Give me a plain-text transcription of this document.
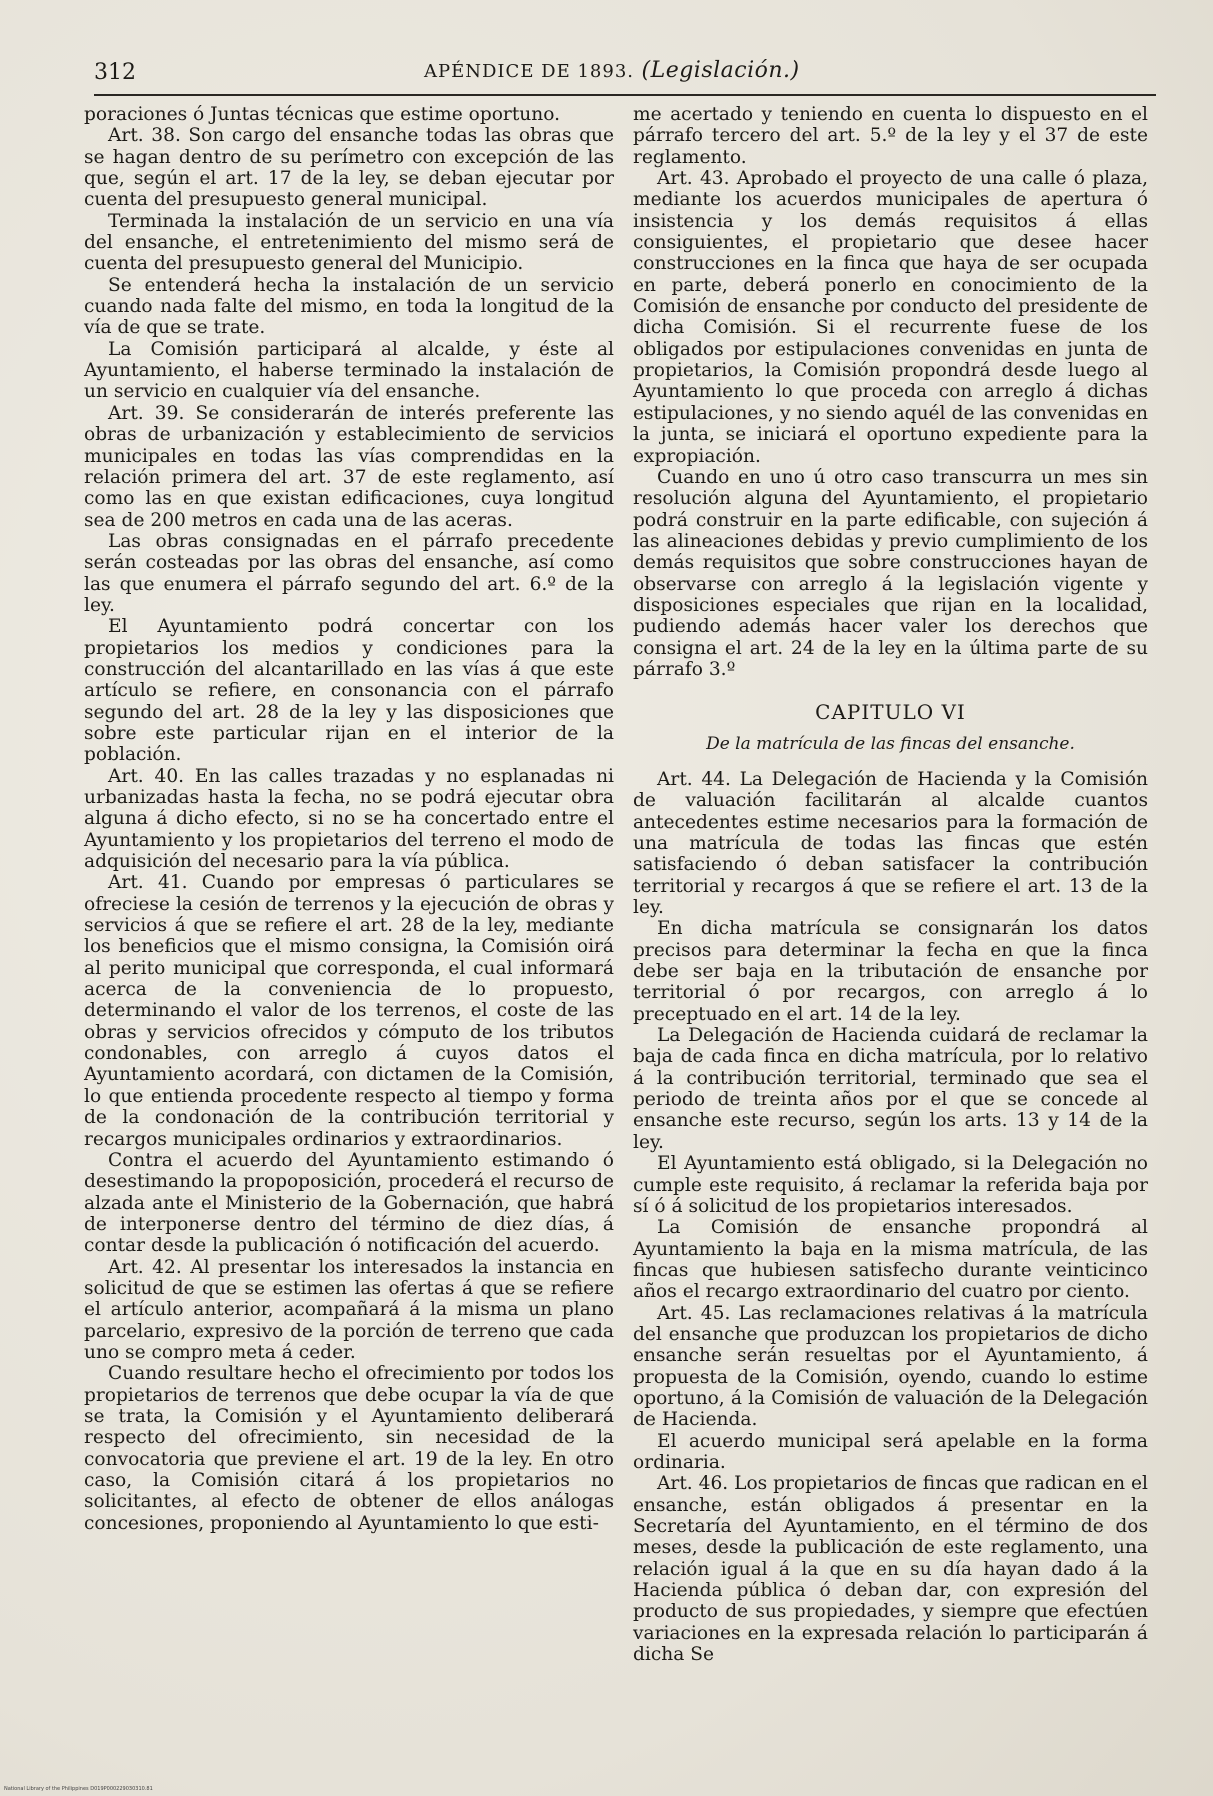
312	APÉNDICE DE 1893. (Legislación.)

poraciones ó Juntas técnicas que estime oportuno.

Art. 38. Son cargo del ensanche todas las obras que se hagan dentro de su perímetro con excepción de las que, según el art. 17 de la ley, se deban ejecutar por cuenta del presupuesto general municipal.

Terminada la instalación de un servicio en una vía del ensanche, el entretenimiento del mismo será de cuenta del presupuesto general del Municipio.

Se entenderá hecha la instalación de un servicio cuando nada falte del mismo, en toda la longitud de la vía de que se trate.

La Comisión participará al alcalde, y éste al Ayuntamiento, el haberse terminado la instalación de un servicio en cualquier vía del ensanche.

Art. 39. Se considerarán de interés preferente las obras de urbanización y establecimiento de servicios municipales en todas las vías comprendidas en la relación primera del art. 37 de este reglamento, así como las en que existan edificaciones, cuya longitud sea de 200 metros en cada una de las aceras.

Las obras consignadas en el párrafo precedente serán costeadas por las obras del ensanche, así como las que enumera el párrafo segundo del art. 6.º de la ley.

El Ayuntamiento podrá concertar con los propietarios los medios y condiciones para la construcción del alcantarillado en las vías á que este artículo se refiere, en consonancia con el párrafo segundo del art. 28 de la ley y las disposiciones que sobre este particular rijan en el interior de la población.

Art. 40. En las calles trazadas y no esplanadas ni urbanizadas hasta la fecha, no se podrá ejecutar obra alguna á dicho efecto, si no se ha concertado entre el Ayuntamiento y los propietarios del terreno el modo de adquisición del necesario para la vía pública.

Art. 41. Cuando por empresas ó particulares se ofreciese la cesión de terrenos y la ejecución de obras y servicios á que se refiere el art. 28 de la ley, mediante los beneficios que el mismo consigna, la Comisión oirá al perito municipal que corresponda, el cual informará acerca de la conveniencia de lo propuesto, determinando el valor de los terrenos, el coste de las obras y servicios ofrecidos y cómputo de los tributos condonables, con arreglo á cuyos datos el Ayuntamiento acordará, con dictamen de la Comisión, lo que entienda procedente respecto al tiempo y forma de la condonación de la contribución territorial y recargos municipales ordinarios y extraordinarios.

Contra el acuerdo del Ayuntamiento estimando ó desestimando la propoposición, procederá el recurso de alzada ante el Ministerio de la Gobernación, que habrá de interponerse dentro del término de diez días, á contar desde la publicación ó notificación del acuerdo.

Art. 42. Al presentar los interesados la instancia en solicitud de que se estimen las ofertas á que se refiere el artículo anterior, acompañará á la misma un plano parcelario, expresivo de la porción de terreno que cada uno se compro meta á ceder.

Cuando resultare hecho el ofrecimiento por todos los propietarios de terrenos que debe ocupar la vía de que se trata, la Comisión y el Ayuntamiento deliberará respecto del ofrecimiento, sin necesidad de la convocatoria que previene el art. 19 de la ley. En otro caso, la Comisión citará á los propietarios no solicitantes, al efecto de obtener de ellos análogas concesiones, proponiendo al Ayuntamiento lo que esti-

me acertado y teniendo en cuenta lo dispuesto en el párrafo tercero del art. 5.º de la ley y el 37 de este reglamento.

Art. 43. Aprobado el proyecto de una calle ó plaza, mediante los acuerdos municipales de apertura ó insistencia y los demás requisitos á ellas consiguientes, el propietario que desee hacer construcciones en la finca que haya de ser ocupada en parte, deberá ponerlo en conocimiento de la Comisión de ensanche por conducto del presidente de dicha Comisión. Si el recurrente fuese de los obligados por estipulaciones convenidas en junta de propietarios, la Comisión propondrá desde luego al Ayuntamiento lo que proceda con arreglo á dichas estipulaciones, y no siendo aquél de las convenidas en la junta, se iniciará el oportuno expediente para la expropiación.

Cuando en uno ú otro caso transcurra un mes sin resolución alguna del Ayuntamiento, el propietario podrá construir en la parte edificable, con sujeción á las alineaciones debidas y previo cumplimiento de los demás requisitos que sobre construcciones hayan de observarse con arreglo á la legislación vigente y disposiciones especiales que rijan en la localidad, pudiendo además hacer valer los derechos que consigna el art. 24 de la ley en la última parte de su párrafo 3.º

CAPITULO VI
De la matrícula de las fincas del ensanche.

Art. 44. La Delegación de Hacienda y la Comisión de valuación facilitarán al alcalde cuantos antecedentes estime necesarios para la formación de una matrícula de todas las fincas que estén satisfaciendo ó deban satisfacer la contribución territorial y recargos á que se refiere el art. 13 de la ley.

En dicha matrícula se consignarán los datos precisos para determinar la fecha en que la finca debe ser baja en la tributación de ensanche por territorial ó por recargos, con arreglo á lo preceptuado en el art. 14 de la ley.

La Delegación de Hacienda cuidará de reclamar la baja de cada finca en dicha matrícula, por lo relativo á la contribución territorial, terminado que sea el periodo de treinta años por el que se concede al ensanche este recurso, según los arts. 13 y 14 de la ley.

El Ayuntamiento está obligado, si la Delegación no cumple este requisito, á reclamar la referida baja por sí ó á solicitud de los propietarios interesados.

La Comisión de ensanche propondrá al Ayuntamiento la baja en la misma matrícula, de las fincas que hubiesen satisfecho durante veinticinco años el recargo extraordinario del cuatro por ciento.

Art. 45. Las reclamaciones relativas á la matrícula del ensanche que produzcan los propietarios de dicho ensanche serán resueltas por el Ayuntamiento, á propuesta de la Comisión, oyendo, cuando lo estime oportuno, á la Comisión de valuación de la Delegación de Hacienda.

El acuerdo municipal será apelable en la forma ordinaria.

Art. 46. Los propietarios de fincas que radican en el ensanche, están obligados á presentar en la Secretaría del Ayuntamiento, en el término de dos meses, desde la publicación de este reglamento, una relación igual á la que en su día hayan dado á la Hacienda pública ó deban dar, con expresión del producto de sus propiedades, y siempre que efectúen variaciones en la expresada relación lo participarán á dicha Se

National Library of the Philippines D019P000229030310.81
